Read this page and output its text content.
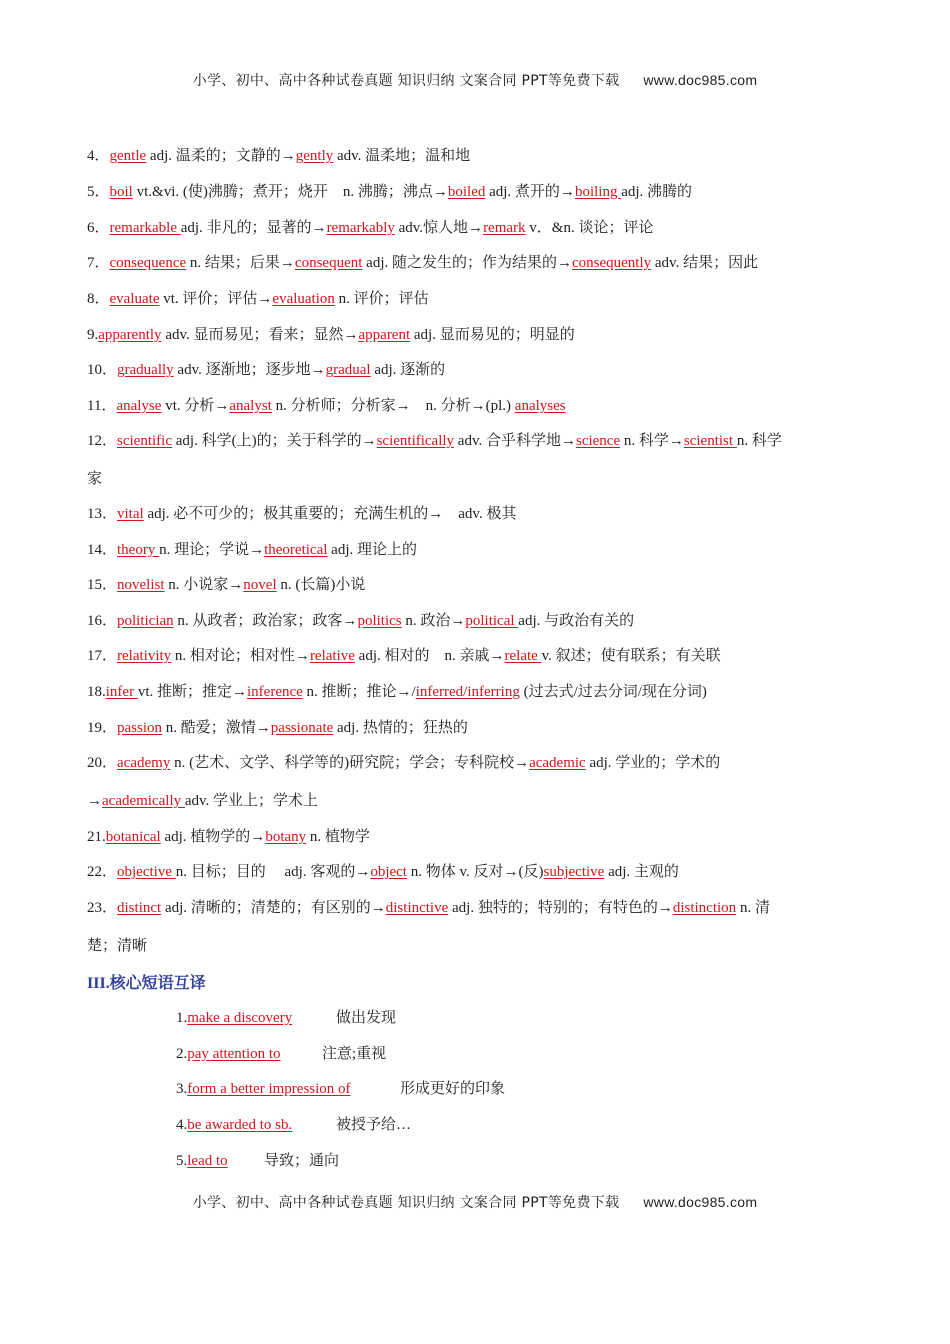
小学、初中、高中各种试卷真题 知识归纳 文案合同 PPT等免费下载 www.doc985.com
4．gentle adj. 温柔的；文静的→gently adv. 温柔地；温和地
5．boil vt.&vi. (使)沸腾；煮开；烧开　n. 沸腾；沸点→boiled adj. 煮开的→boiling adj. 沸腾的
6．remarkable adj. 非凡的；显著的→remarkably adv.惊人地→remark v．&n. 谈论；评论
7．consequence n. 结果；后果→consequent adj. 随之发生的；作为结果的→consequently adv. 结果；因此
8．evaluate vt. 评价；评估→evaluation n. 评价；评估
9.apparently adv. 显而易见；看来；显然→apparent adj. 显而易见的；明显的
10．gradually adv. 逐渐地；逐步地→gradual adj. 逐渐的
11．analyse vt. 分析→analyst n. 分析师；分析家→　n. 分析→(pl.) analyses
12．scientific adj. 科学(上)的；关于科学的→scientifically adv. 合乎科学地→science n. 科学→scientist n. 科学
家
13．vital adj. 必不可少的；极其重要的；充满生机的→　adv. 极其
14．theory n. 理论；学说→theoretical adj. 理论上的
15．novelist n. 小说家→novel n. (长篇)小说
16．politician n. 从政者；政治家；政客→politics n. 政治→political adj. 与政治有关的
17．relativity n. 相对论；相对性→relative adj. 相对的　n. 亲戚→relate v. 叙述；使有联系；有关联
18.infer vt. 推断；推定→inference n. 推断；推论→/inferred/inferring (过去式/过去分词/现在分词)
19．passion n. 酷爱；激情→passionate adj. 热情的；狂热的
20．academy n. (艺术、文学、科学等的)研究院；学会；专科院校→academic adj. 学业的；学术的
→academically adv. 学业上；学术上
21.botanical adj. 植物学的→botany n. 植物学
22．objective n. 目标；目的　 adj. 客观的→object n. 物体 v. 反对→(反)subjective adj. 主观的
23．distinct adj. 清晰的；清楚的；有区别的→distinctive adj. 独特的；特别的；有特色的→distinction n. 清
楚；清晰
III.核心短语互译
1.make a discovery	做出发现
2.pay attention to	注意;重视
3.form a better impression of	形成更好的印象
4.be awarded to sb.	被授予给…
5.lead to 导致；通向
小学、初中、高中各种试卷真题 知识归纳 文案合同 PPT等免费下载 www.doc985.com
